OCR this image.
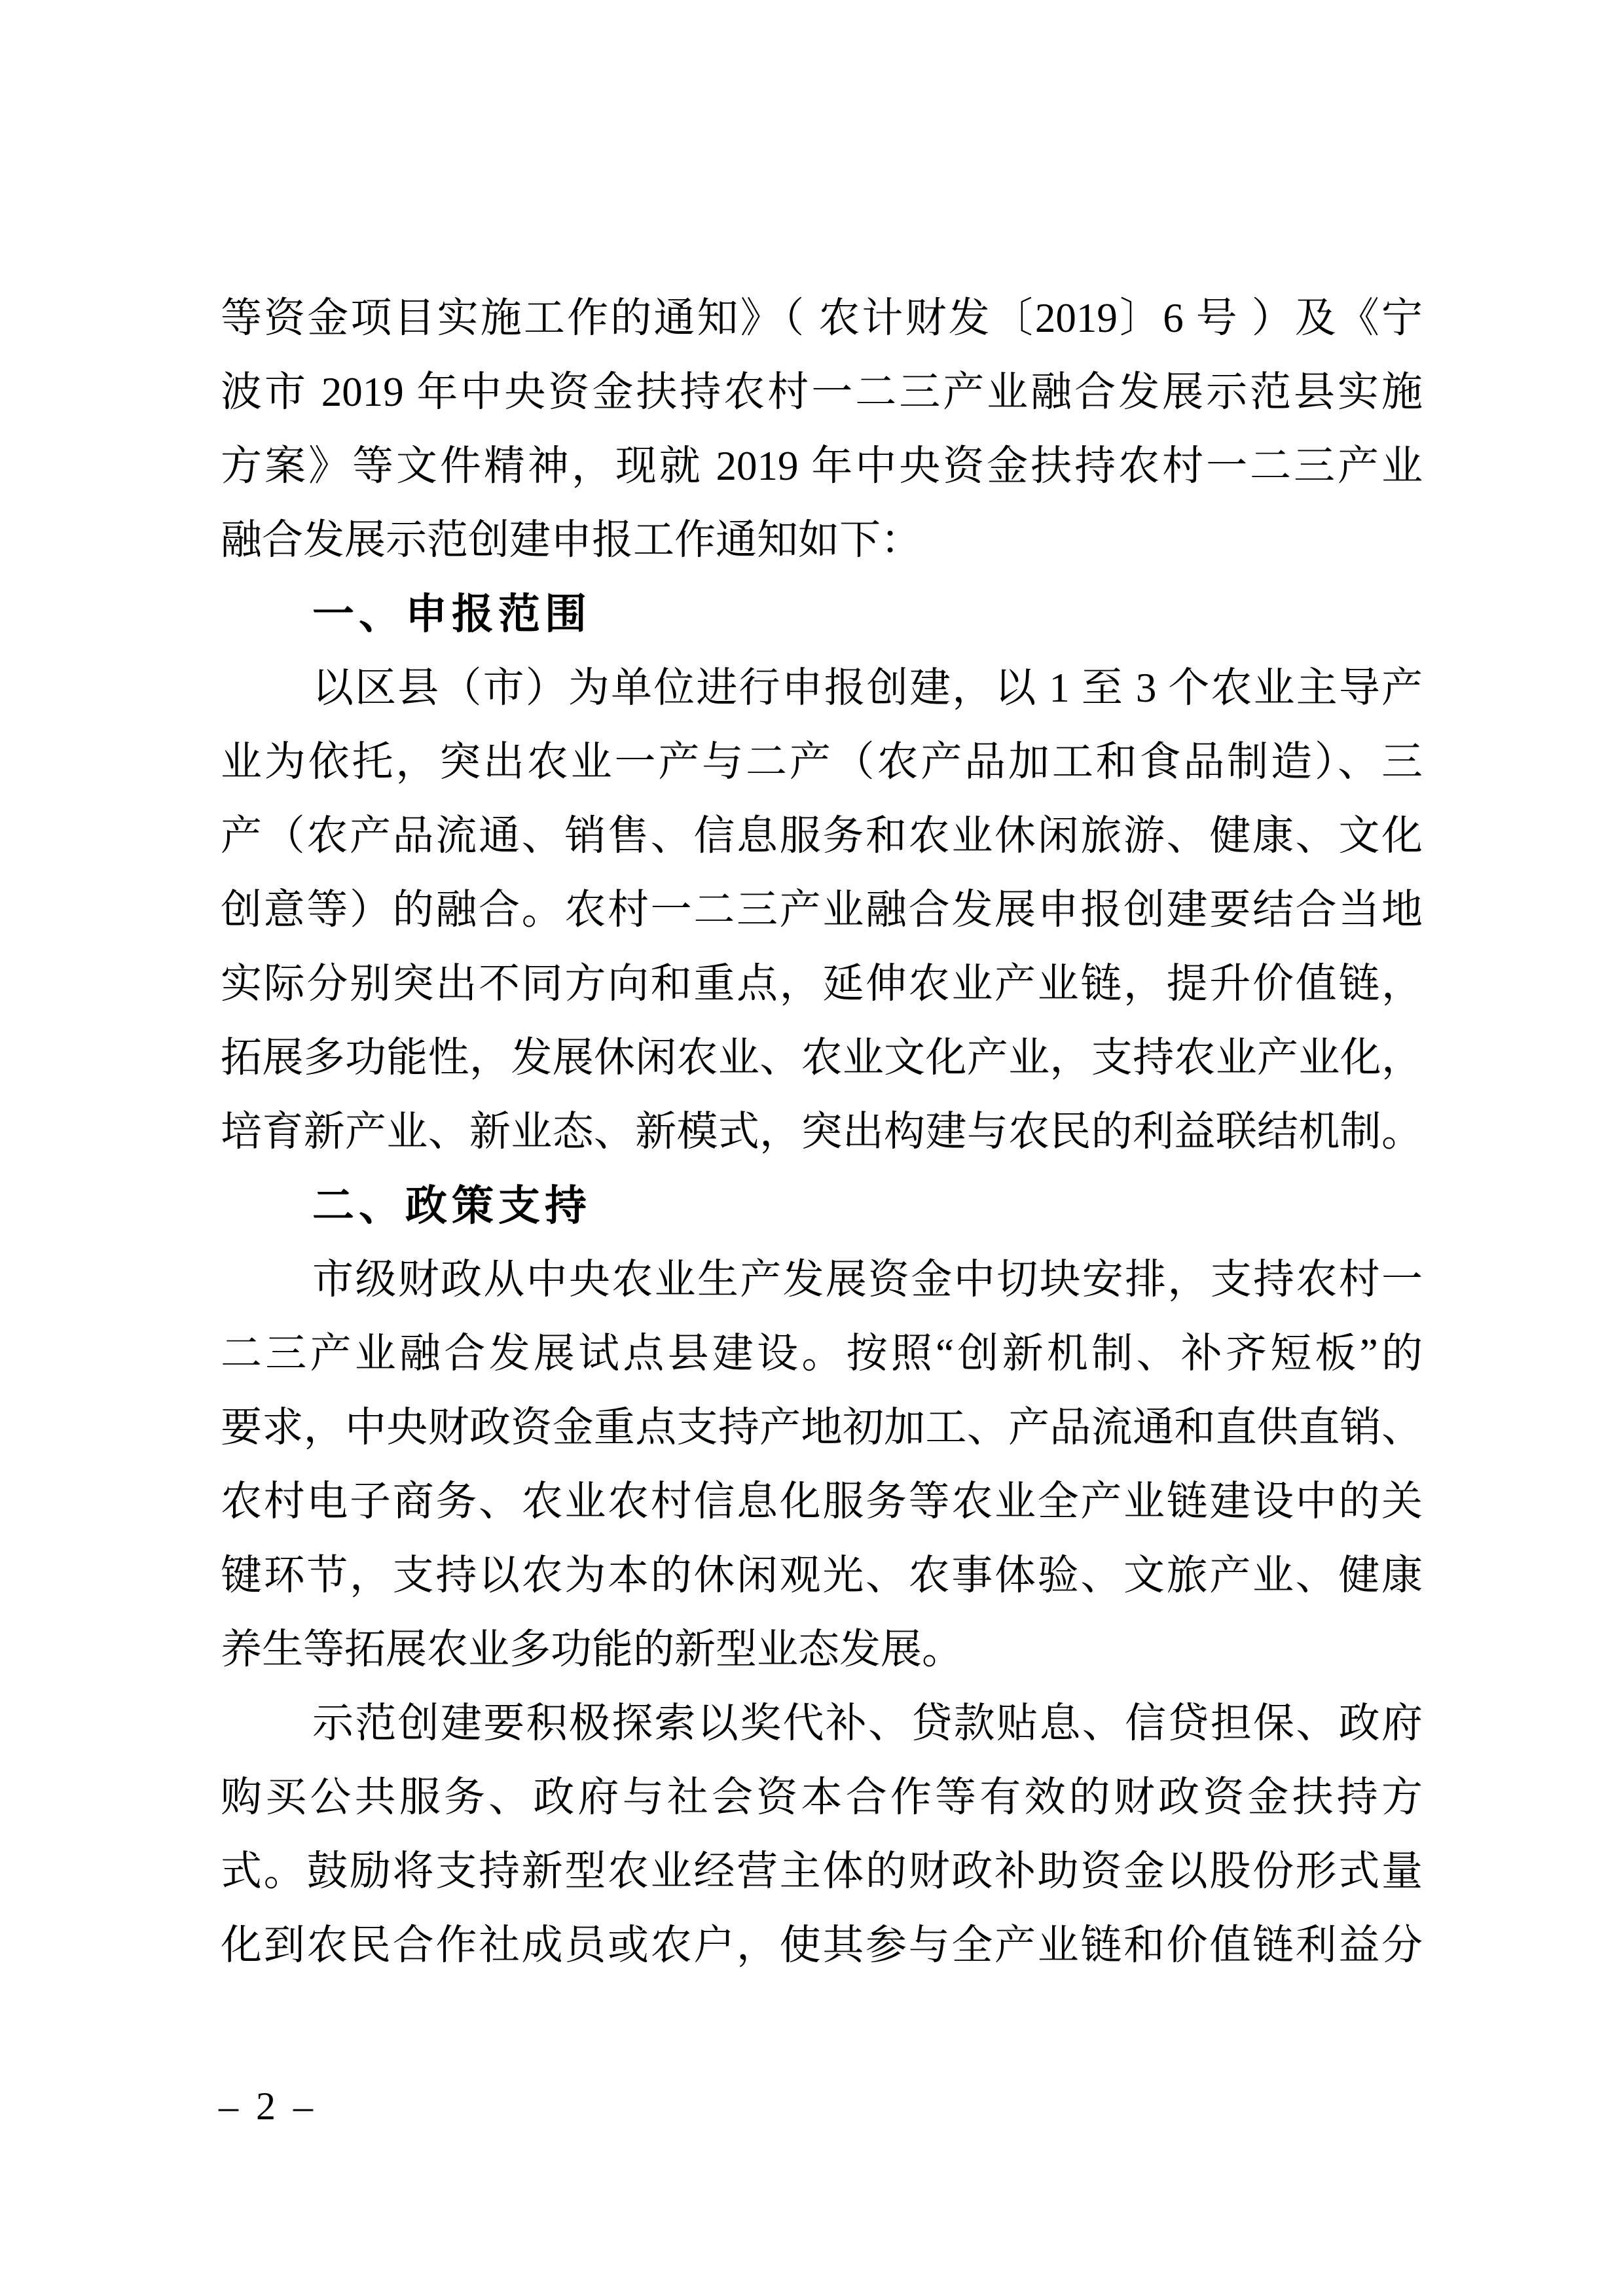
等资金项目实施工作的通知》（ 农计财发〔2019〕6 号 ）及《宁
波市 2019 年中央资金扶持农村一二三产业融合发展示范县实施
方案》等文件精神，现就 2019 年中央资金扶持农村一二三产业
融合发展示范创建申报工作通知如下：
一、申报范围
以区县（市）为单位进行申报创建，以 1 至 3 个农业主导产
业为依托，突出农业一产与二产（农产品加工和食品制造）、三
产（农产品流通、销售、信息服务和农业休闲旅游、健康、文化
创意等）的融合。农村一二三产业融合发展申报创建要结合当地
实际分别突出不同方向和重点，延伸农业产业链，提升价值链，
拓展多功能性，发展休闲农业、农业文化产业，支持农业产业化，
培育新产业、新业态、新模式，突出构建与农民的利益联结机制。
二、政策支持
市级财政从中央农业生产发展资金中切块安排，支持农村一
二三产业融合发展试点县建设。按照“创新机制、补齐短板”的
要求，中央财政资金重点支持产地初加工、产品流通和直供直销、
农村电子商务、农业农村信息化服务等农业全产业链建设中的关
键环节，支持以农为本的休闲观光、农事体验、文旅产业、健康
养生等拓展农业多功能的新型业态发展。
示范创建要积极探索以奖代补、贷款贴息、信贷担保、政府
购买公共服务、政府与社会资本合作等有效的财政资金扶持方
式。鼓励将支持新型农业经营主体的财政补助资金以股份形式量
化到农民合作社成员或农户，使其参与全产业链和价值链利益分
– 2 –
